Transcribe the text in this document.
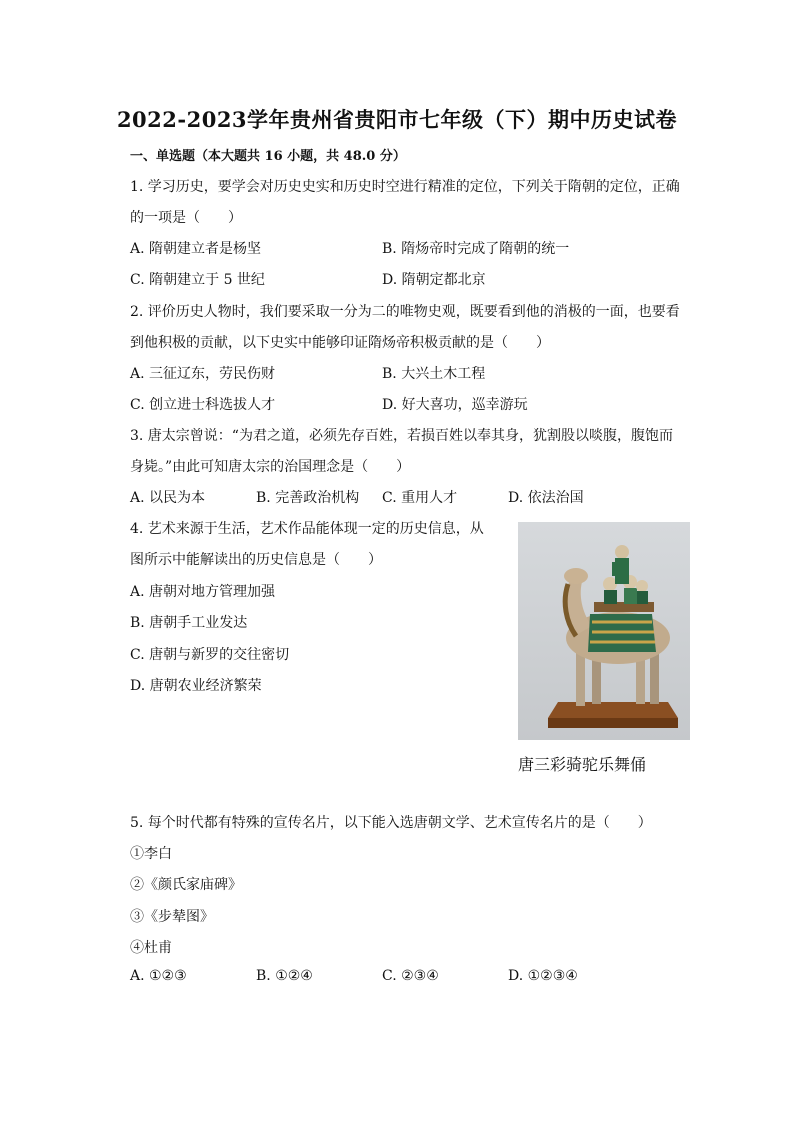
2022-2023学年贵州省贵阳市七年级（下）期中历史试卷
一、单选题（本大题共 16 小题，共 48.0 分）
1. 学习历史，要学会对历史史实和历史时空进行精准的定位，下列关于隋朝的定位，正确
的一项是（　　）
A. 隋朝建立者是杨坚	B. 隋炀帝时完成了隋朝的统一
C. 隋朝建立于 5 世纪	D. 隋朝定都北京
2. 评价历史人物时，我们要采取一分为二的唯物史观，既要看到他的消极的一面，也要看
到他积极的贡献，以下史实中能够印证隋炀帝积极贡献的是（　　）
A. 三征辽东，劳民伤财	B. 大兴土木工程
C. 创立进士科选拔人才	D. 好大喜功，巡幸游玩
3. 唐太宗曾说：“为君之道，必须先存百姓，若损百姓以奉其身，犹割股以啖腹，腹饱而
身毙。”由此可知唐太宗的治国理念是（　　）
A. 以民为本	B. 完善政治机构 C. 重用人才	D. 依法治国
4. 艺术来源于生活，艺术作品能体现一定的历史信息，从
图所示中能解读出的历史信息是（　　）
A. 唐朝对地方管理加强
B. 唐朝手工业发达
C. 唐朝与新罗的交往密切
D. 唐朝农业经济繁荣
唐三彩骑驼乐舞俑
5. 每个时代都有特殊的宣传名片，以下能入选唐朝文学、艺术宣传名片的是（　　）
①李白
②《颜氏家庙碑》
③《步辇图》
④杜甫
A. ①②③	B. ①②④	C. ②③④	D. ①②③④
